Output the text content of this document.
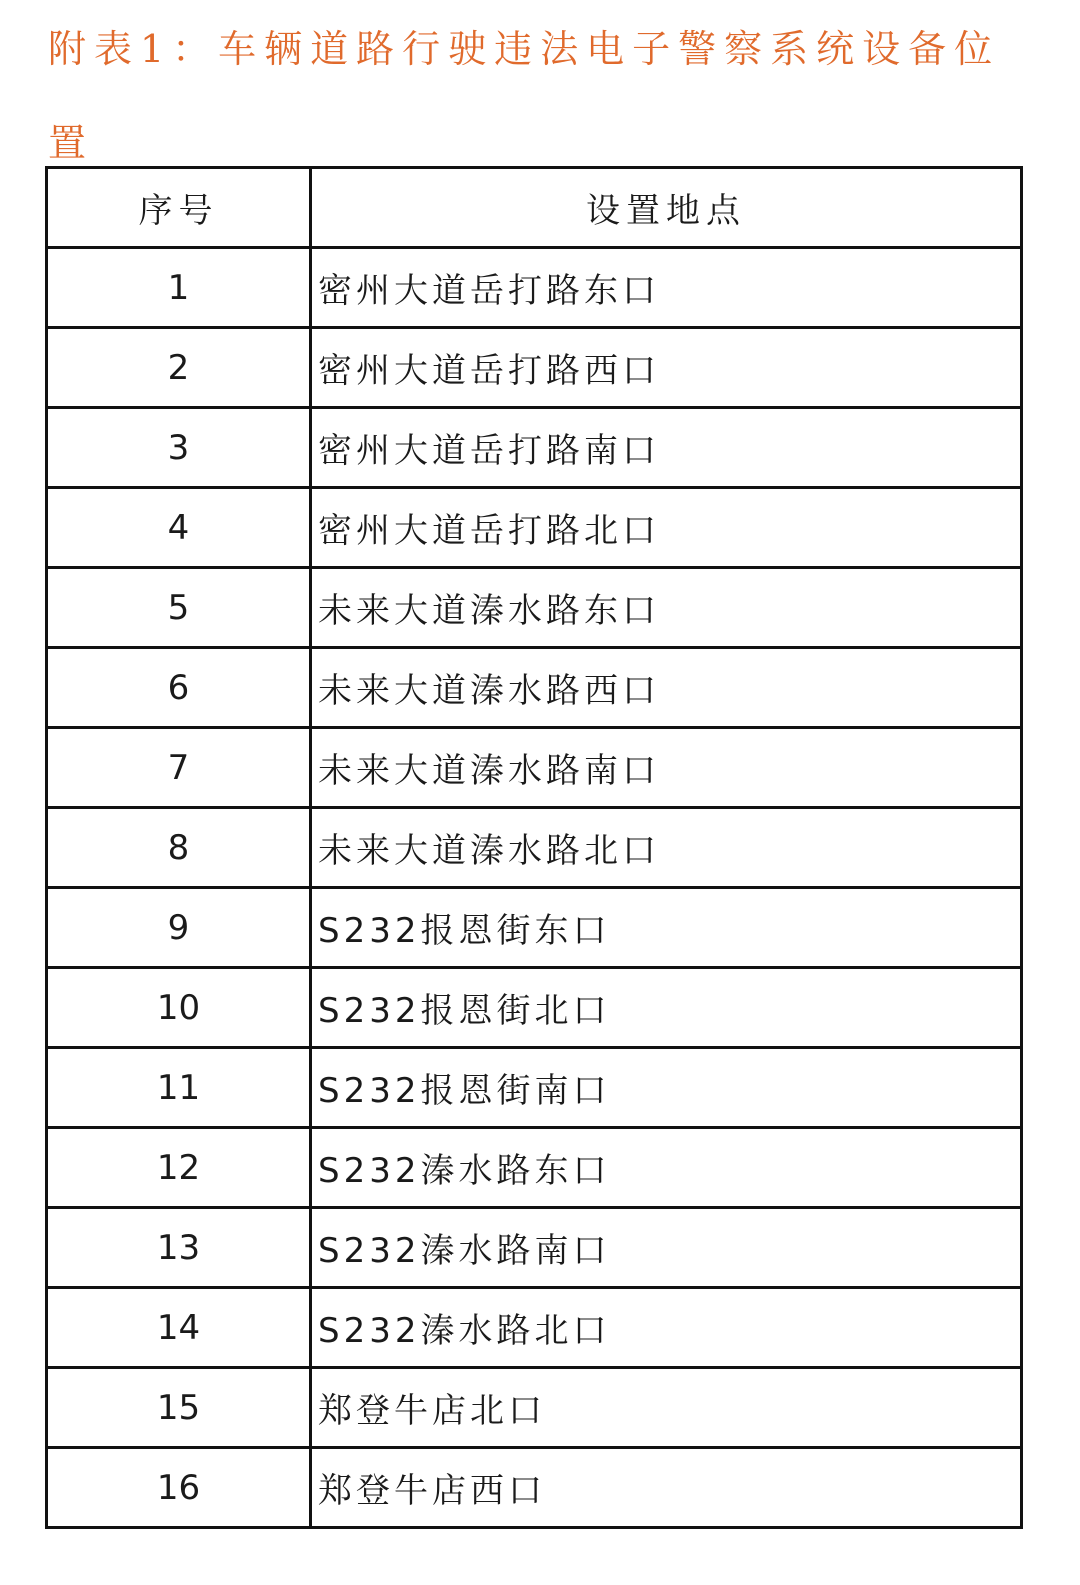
附表1：车辆道路行驶违法电子警察系统设备位置
序号	设置地点
1	密州大道岳打路东口
2	密州大道岳打路西口
3	密州大道岳打路南口
4	密州大道岳打路北口
5	未来大道溱水路东口
6	未来大道溱水路西口
7	未来大道溱水路南口
8	未来大道溱水路北口
9	S232报恩街东口
10	S232报恩街北口
11	S232报恩街南口
12	S232溱水路东口
13	S232溱水路南口
14	S232溱水路北口
15	郑登牛店北口
16	郑登牛店西口
